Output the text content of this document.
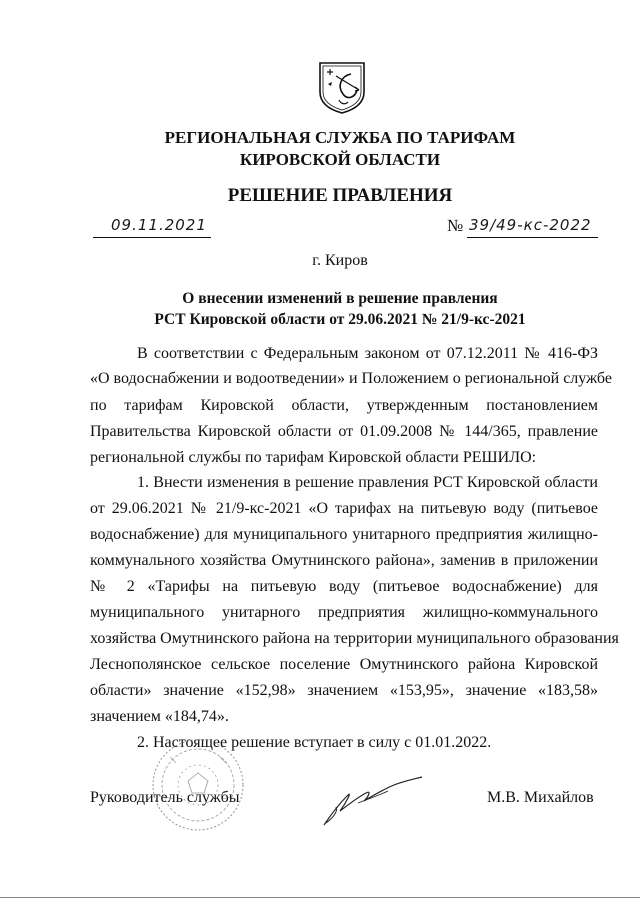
РЕГИОНАЛЬНАЯ СЛУЖБА ПО ТАРИФАМ
КИРОВСКОЙ ОБЛАСТИ
РЕШЕНИЕ ПРАВЛЕНИЯ
09.11.2021	№ 39/49-кс-2022
г. Киров
О внесении изменений в решение правления
РСТ Кировской области от 29.06.2021 № 21/9-кс-2021
В соответствии с Федеральным законом от 07.12.2011 № 416-ФЗ
«О водоснабжении и водоотведении» и Положением о региональной службе
по тарифам Кировской области, утвержденным постановлением
Правительства Кировской области от 01.09.2008 № 144/365, правление
региональной службы по тарифам Кировской области РЕШИЛО:
1. Внести изменения в решение правления РСТ Кировской области
от 29.06.2021 № 21/9-кс-2021 «О тарифах на питьевую воду (питьевое
водоснабжение) для муниципального унитарного предприятия жилищно-
коммунального хозяйства Омутнинского района», заменив в приложении
№ 2 «Тарифы на питьевую воду (питьевое водоснабжение) для
муниципального унитарного предприятия жилищно-коммунального
хозяйства Омутнинского района на территории муниципального образования
Леснополянское сельское поселение Омутнинского района Кировской
области» значение «152,98» значением «153,95», значение «183,58»
значением «184,74».
2. Настоящее решение вступает в силу с 01.01.2022.
Руководитель службы	М.В. Михайлов
